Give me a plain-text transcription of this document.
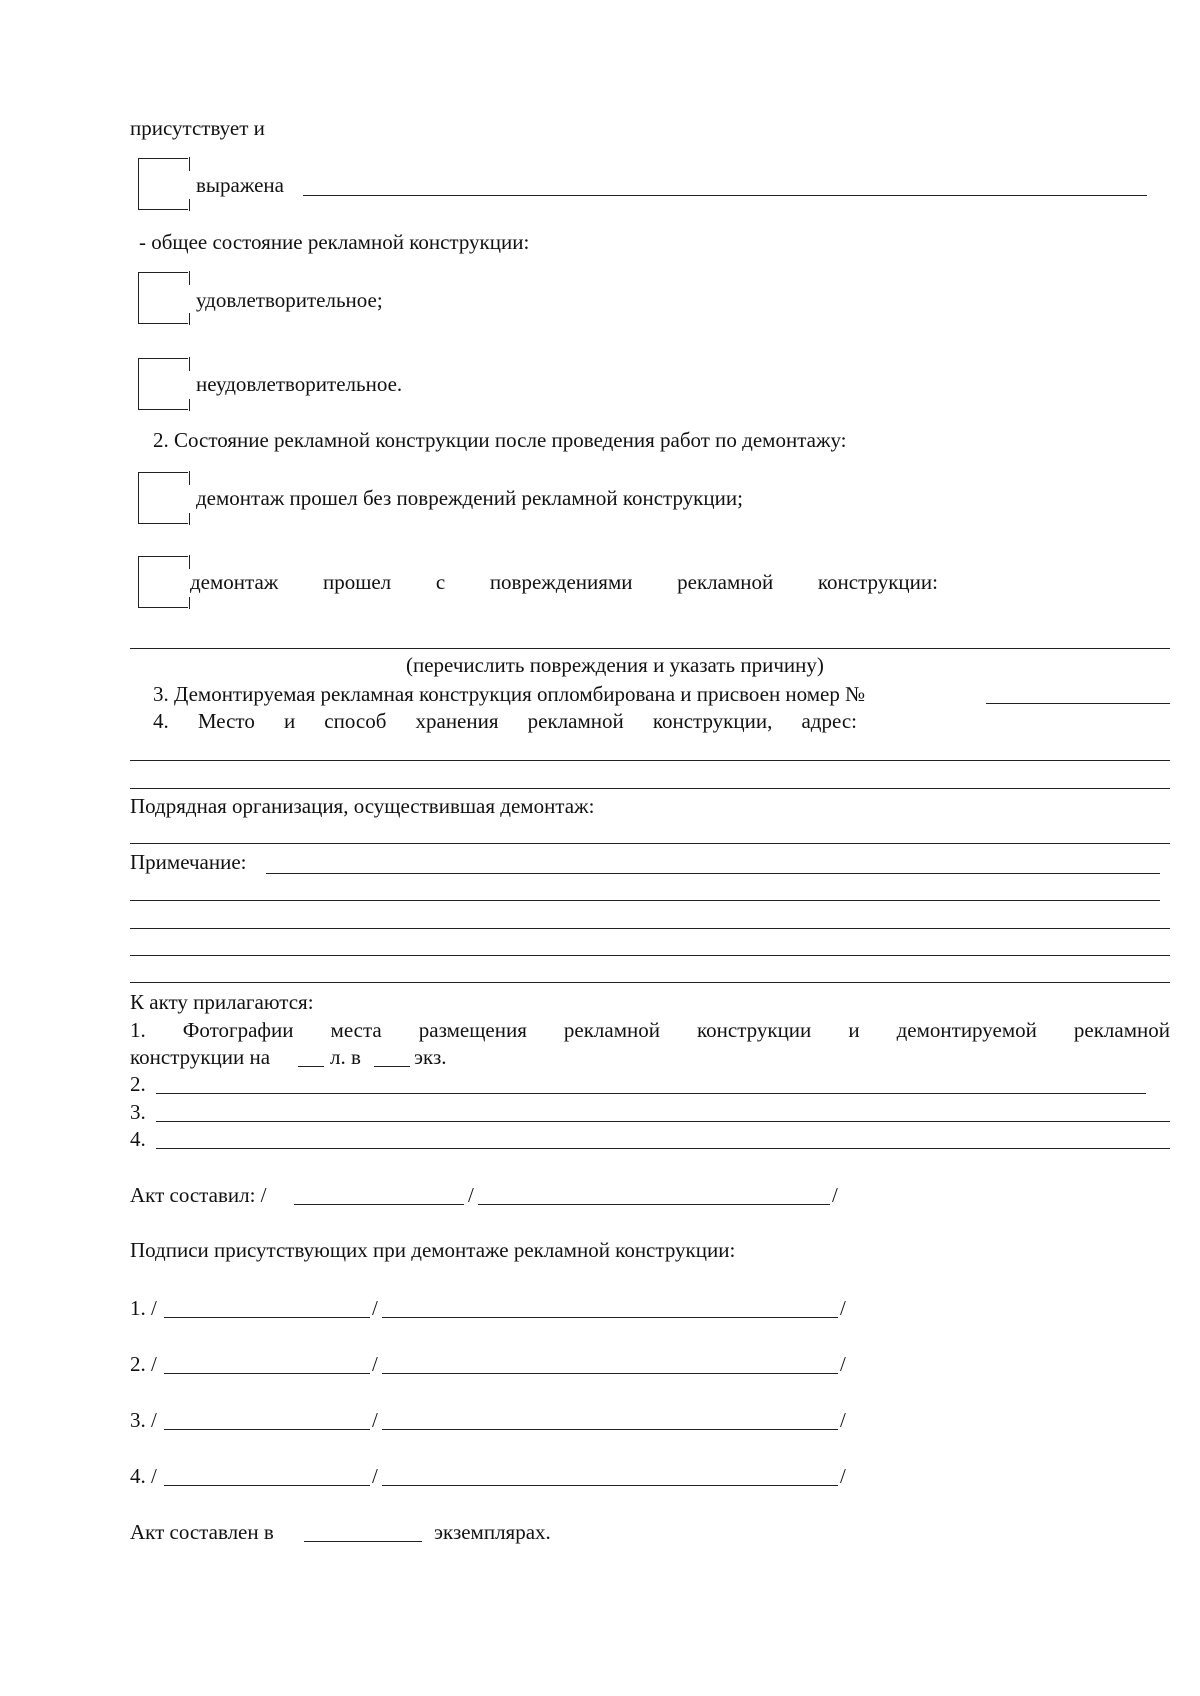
присутствует и
выражена
- общее состояние рекламной конструкции:
удовлетворительное;
неудовлетворительное.
2. Состояние рекламной конструкции после проведения работ по демонтажу:
демонтаж прошел без повреждений рекламной конструкции;
демонтаж прошел с повреждениями рекламной конструкции:
(перечислить повреждения и указать причину)
3. Демонтируемая рекламная конструкция опломбирована и присвоен номер №
4. Место и способ хранения рекламной конструкции, адрес:
Подрядная организация, осуществившая демонтаж:
Примечание:
К акту прилагаются:
1. Фотографии места размещения рекламной конструкции и демонтируемой рекламной
конструкции на	л. в	экз.
2.
3.
4.
Акт составил: /	/	/
Подписи присутствующих при демонтаже рекламной конструкции:
1. /	/	/
2. /	/	/
3. /	/	/
4. /	/	/
Акт составлен в	экземплярах.
